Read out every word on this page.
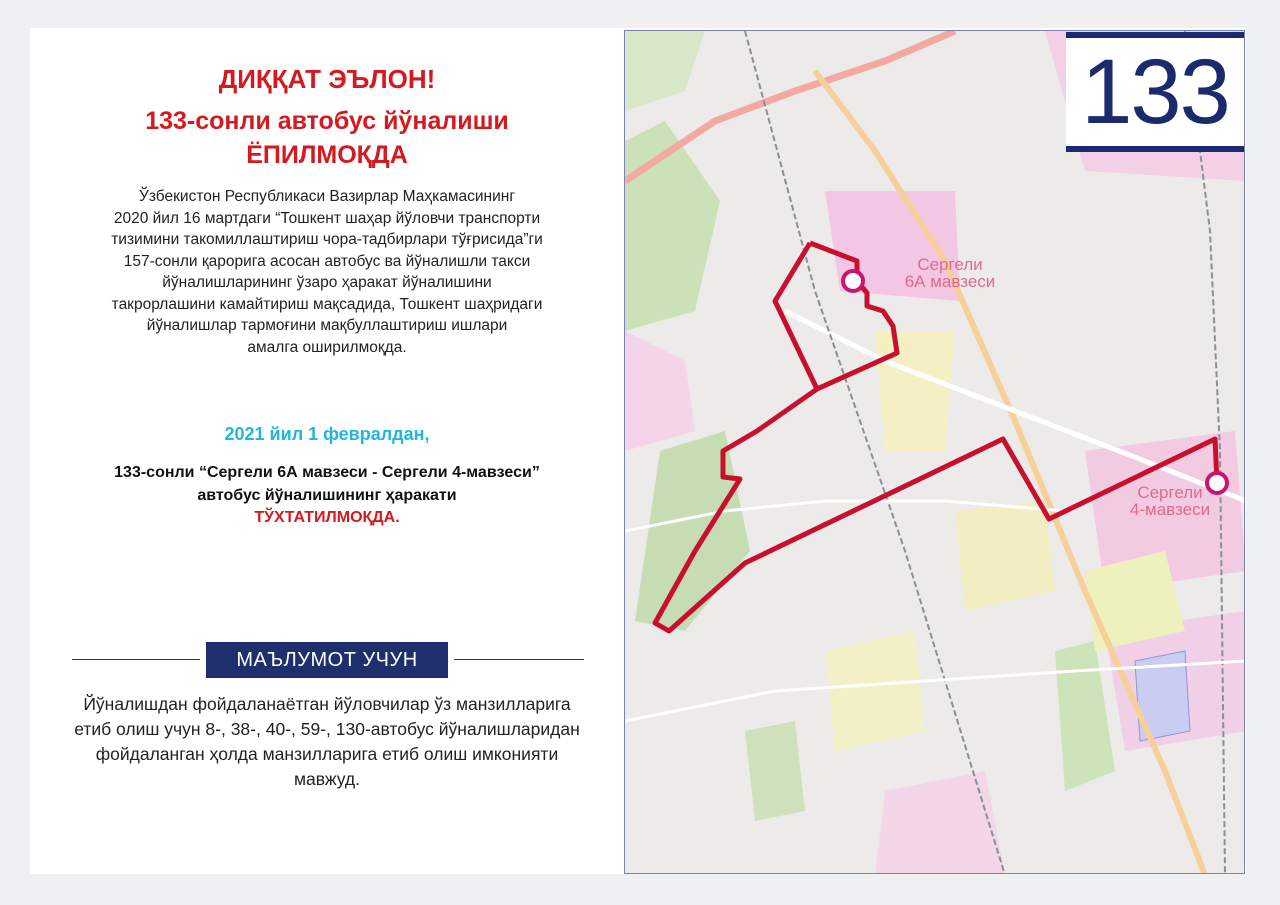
ДИҚҚАТ ЭЪЛОН!
133-сонли автобус йўналиши
ЁПИЛМОҚДА
Ўзбекистон Республикаси Вазирлар Маҳкамасининг
2020 йил 16 мартдаги “Тошкент шаҳар йўловчи транспорти
тизимини такомиллаштириш чора-тадбирлари тўғрисида”ги
157-сонли қарорига асосан автобус ва йўналишли такси
йўналишларининг ўзаро ҳаракат йўналишини
такрорлашини камайтириш мақсадида, Тошкент шаҳридаги
йўналишлар тармоғини мақбуллаштириш ишлари
амалга оширилмоқда.
2021 йил 1 февралдан,
133-сонли “Сергели 6А мавзеси - Сергели 4-мавзеси”
автобус йўналишининг ҳаракати
ТЎХТАТИЛМОҚДА.
МАЪЛУМОТ УЧУН
Йўналишдан фойдаланаётган йўловчилар ўз манзилларига
етиб олиш учун 8-, 38-, 40-, 59-, 130-автобус йўналишларидан
фойдаланган ҳолда манзилларига етиб олиш имконияти
мавжуд.
Сергели
6А мавзеси
Сергели
4-мавзеси
133
